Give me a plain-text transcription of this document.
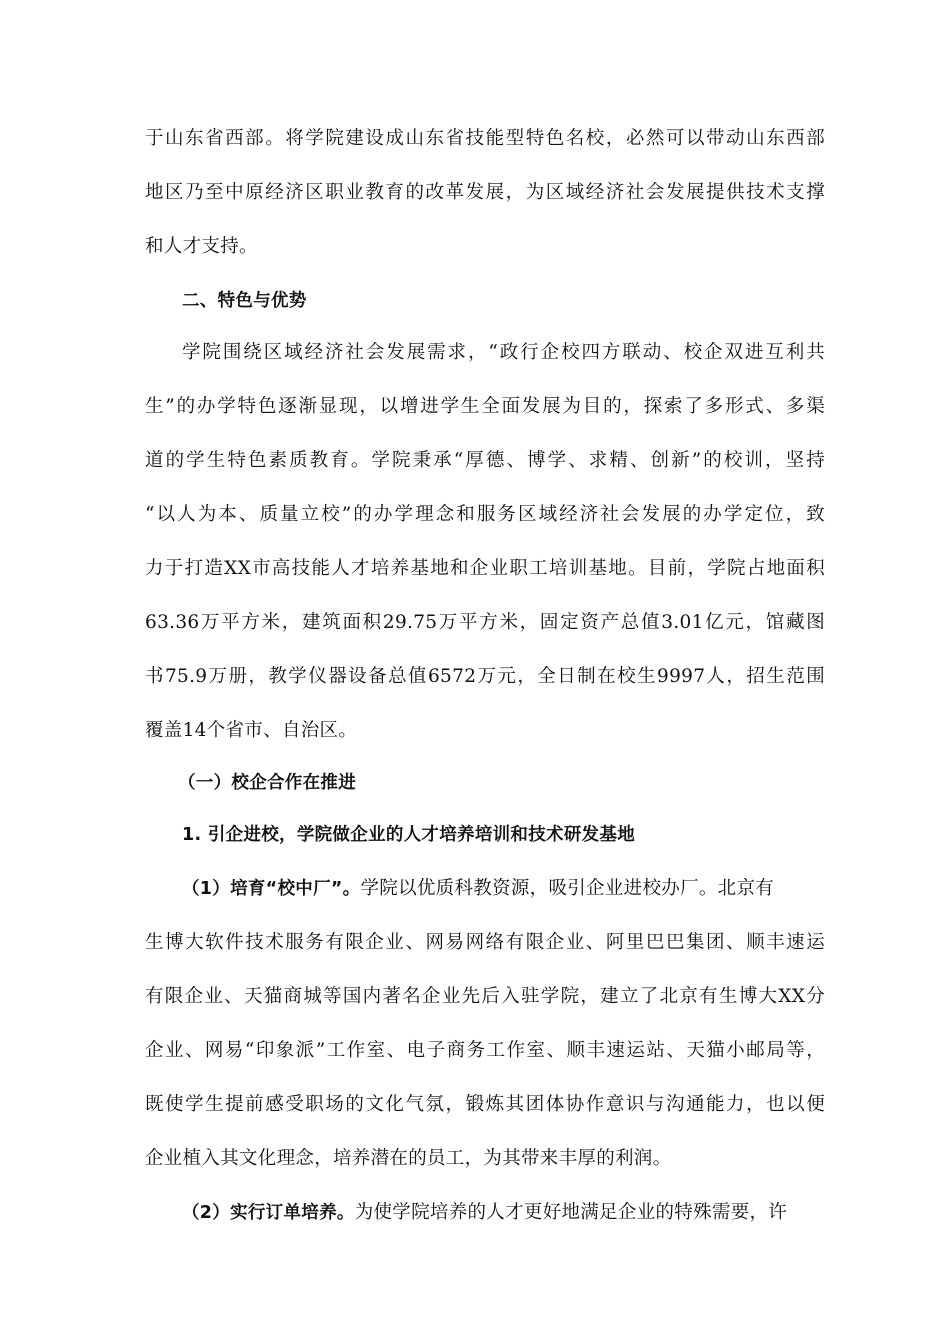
于山东省西部。将学院建设成山东省技能型特色名校，必然可以带动山东西部
地区乃至中原经济区职业教育的改革发展，为区域经济社会发展提供技术支撑
和人才支持。
二、特色与优势
学院围绕区域经济社会发展需求，“政行企校四方联动、校企双进互利共
生”的办学特色逐渐显现，以增进学生全面发展为目的，探索了多形式、多渠
道的学生特色素质教育。学院秉承“厚德、博学、求精、创新”的校训，坚持
“以人为本、质量立校”的办学理念和服务区域经济社会发展的办学定位，致
力于打造XX市高技能人才培养基地和企业职工培训基地。目前，学院占地面积
63.36万平方米，建筑面积29.75万平方米，固定资产总值3.01亿元，馆藏图
书75.9万册，教学仪器设备总值6572万元，全日制在校生9997人，招生范围
覆盖14个省市、自治区。
（一）校企合作在推进
1. 引企进校，学院做企业的人才培养培训和技术研发基地
（1）培育“校中厂”。学院以优质科教资源，吸引企业进校办厂。北京有
生博大软件技术服务有限企业、网易网络有限企业、阿里巴巴集团、顺丰速运
有限企业、天猫商城等国内著名企业先后入驻学院，建立了北京有生博大XX分
企业、网易“印象派”工作室、电子商务工作室、顺丰速运站、天猫小邮局等，
既使学生提前感受职场的文化气氛，锻炼其团体协作意识与沟通能力，也以便
企业植入其文化理念，培养潜在的员工，为其带来丰厚的利润。
（2）实行订单培养。为使学院培养的人才更好地满足企业的特殊需要，许
